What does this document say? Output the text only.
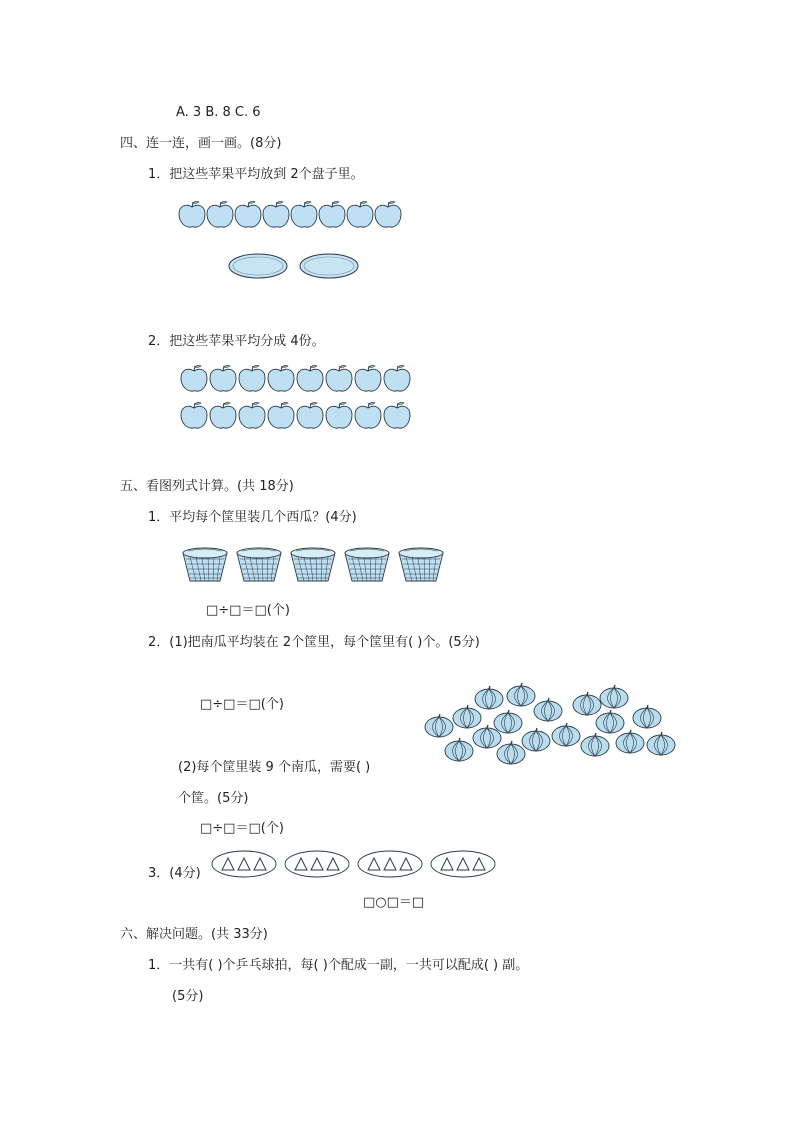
A. 3 B. 8 C. 6
四、连一连，画一画。(8分)
1．把这些苹果平均放到 2个盘子里。
2．把这些苹果平均分成 4份。
五、看图列式计算。(共 18分)
1．平均每个筐里装几个西瓜？(4分)
□÷□＝□(个)
2．(1)把南瓜平均装在 2个筐里，每个筐里有( )个。(5分)
□÷□＝□(个)
(2)每个筐里装 9 个南瓜，需要( )
个筐。(5分)
□÷□＝□(个)
3．(4分)
□○□＝□
六、解决问题。(共 33分)
1．一共有( )个乒乓球拍，每( )个配成一副，一共可以配成( ) 副。
(5分)
